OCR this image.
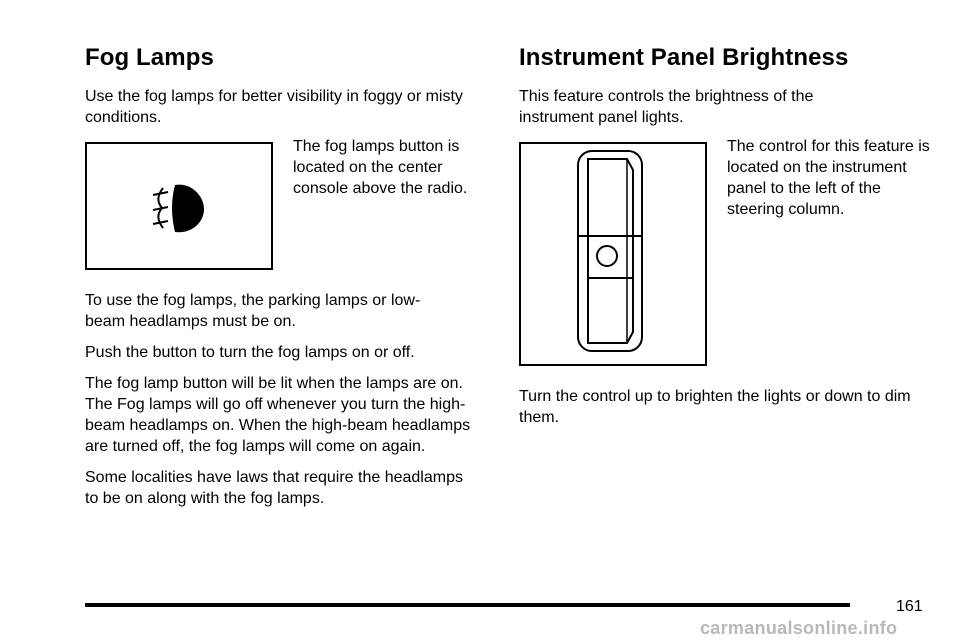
Fog Lamps

Use the fog lamps for better visibility in foggy or misty conditions.

The fog lamps button is located on the center console above the radio.

To use the fog lamps, the parking lamps or low-beam headlamps must be on.

Push the button to turn the fog lamps on or off.

The fog lamp button will be lit when the lamps are on. The Fog lamps will go off whenever you turn the high-beam headlamps on. When the high-beam headlamps are turned off, the fog lamps will come on again.

Some localities have laws that require the headlamps to be on along with the fog lamps.

Instrument Panel Brightness

This feature controls the brightness of the instrument panel lights.

The control for this feature is located on the instrument panel to the left of the steering column.

Turn the control up to brighten the lights or down to dim them.

161
carmanualsonline.info
